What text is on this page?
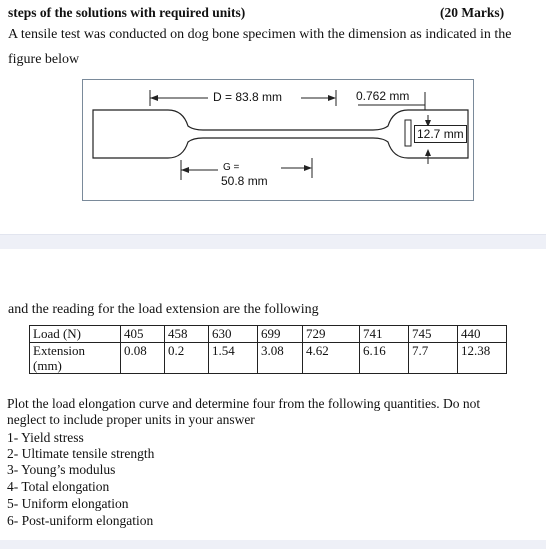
steps of the solutions with required units)	(20 Marks)
A tensile test was conducted on dog bone specimen with the dimension as indicated in the
figure below
D = 83.8 mm	0.762 mm
12.7 mm
G =
50.8 mm
and the reading for the load extension are the following
Load (N)	405	458	630	699	729	741	745	440

Extension
(mm)	0.08	0.2	1.54	3.08	4.62	6.16	7.7	12.38
Plot the load elongation curve and determine four from the following quantities. Do not
neglect to include proper units in your answer
1- Yield stress
2- Ultimate tensile strength
3- Young’s modulus
4- Total elongation
5- Uniform elongation
6- Post-uniform elongation
